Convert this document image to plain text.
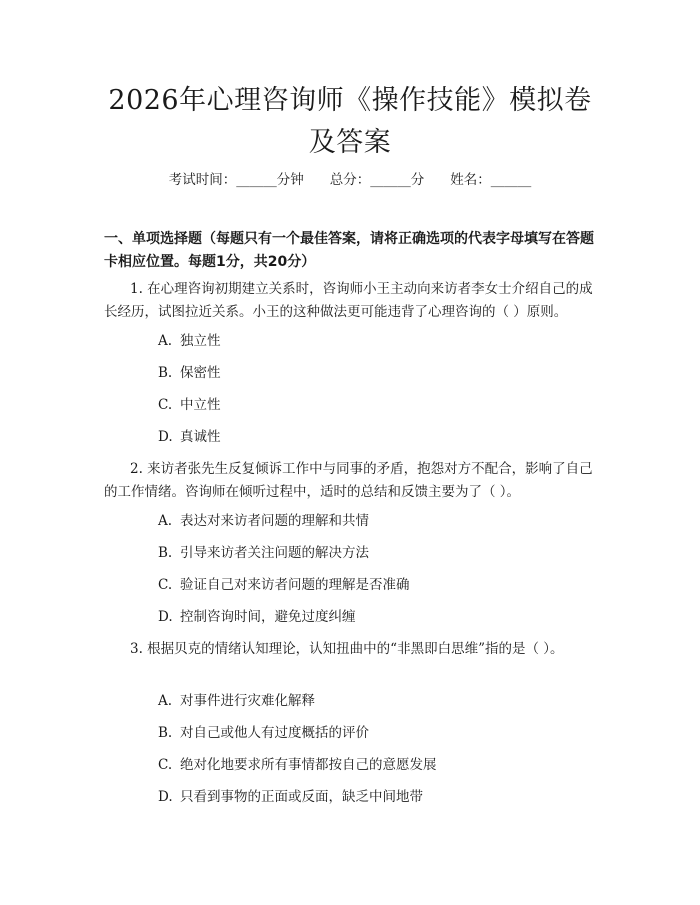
2026年心理咨询师《操作技能》模拟卷及答案
考试时间：______分钟 总分：______分 姓名：______
一、单项选择题（每题只有一个最佳答案，请将正确选项的代表字母填写在答题卡相应位置。每题1分，共20分）
1. 在心理咨询初期建立关系时，咨询师小王主动向来访者李女士介绍自己的成长经历，试图拉近关系。小王的这种做法更可能违背了心理咨询的（ ）原则。
A. 独立性
B. 保密性
C. 中立性
D. 真诚性
2. 来访者张先生反复倾诉工作中与同事的矛盾，抱怨对方不配合，影响了自己的工作情绪。咨询师在倾听过程中，适时的总结和反馈主要为了（ ）。
A. 表达对来访者问题的理解和共情
B. 引导来访者关注问题的解决方法
C. 验证自己对来访者问题的理解是否准确
D. 控制咨询时间，避免过度纠缠
3. 根据贝克的情绪认知理论，认知扭曲中的“非黑即白思维”指的是（ ）。
A. 对事件进行灾难化解释
B. 对自己或他人有过度概括的评价
C. 绝对化地要求所有事情都按自己的意愿发展
D. 只看到事物的正面或反面，缺乏中间地带
